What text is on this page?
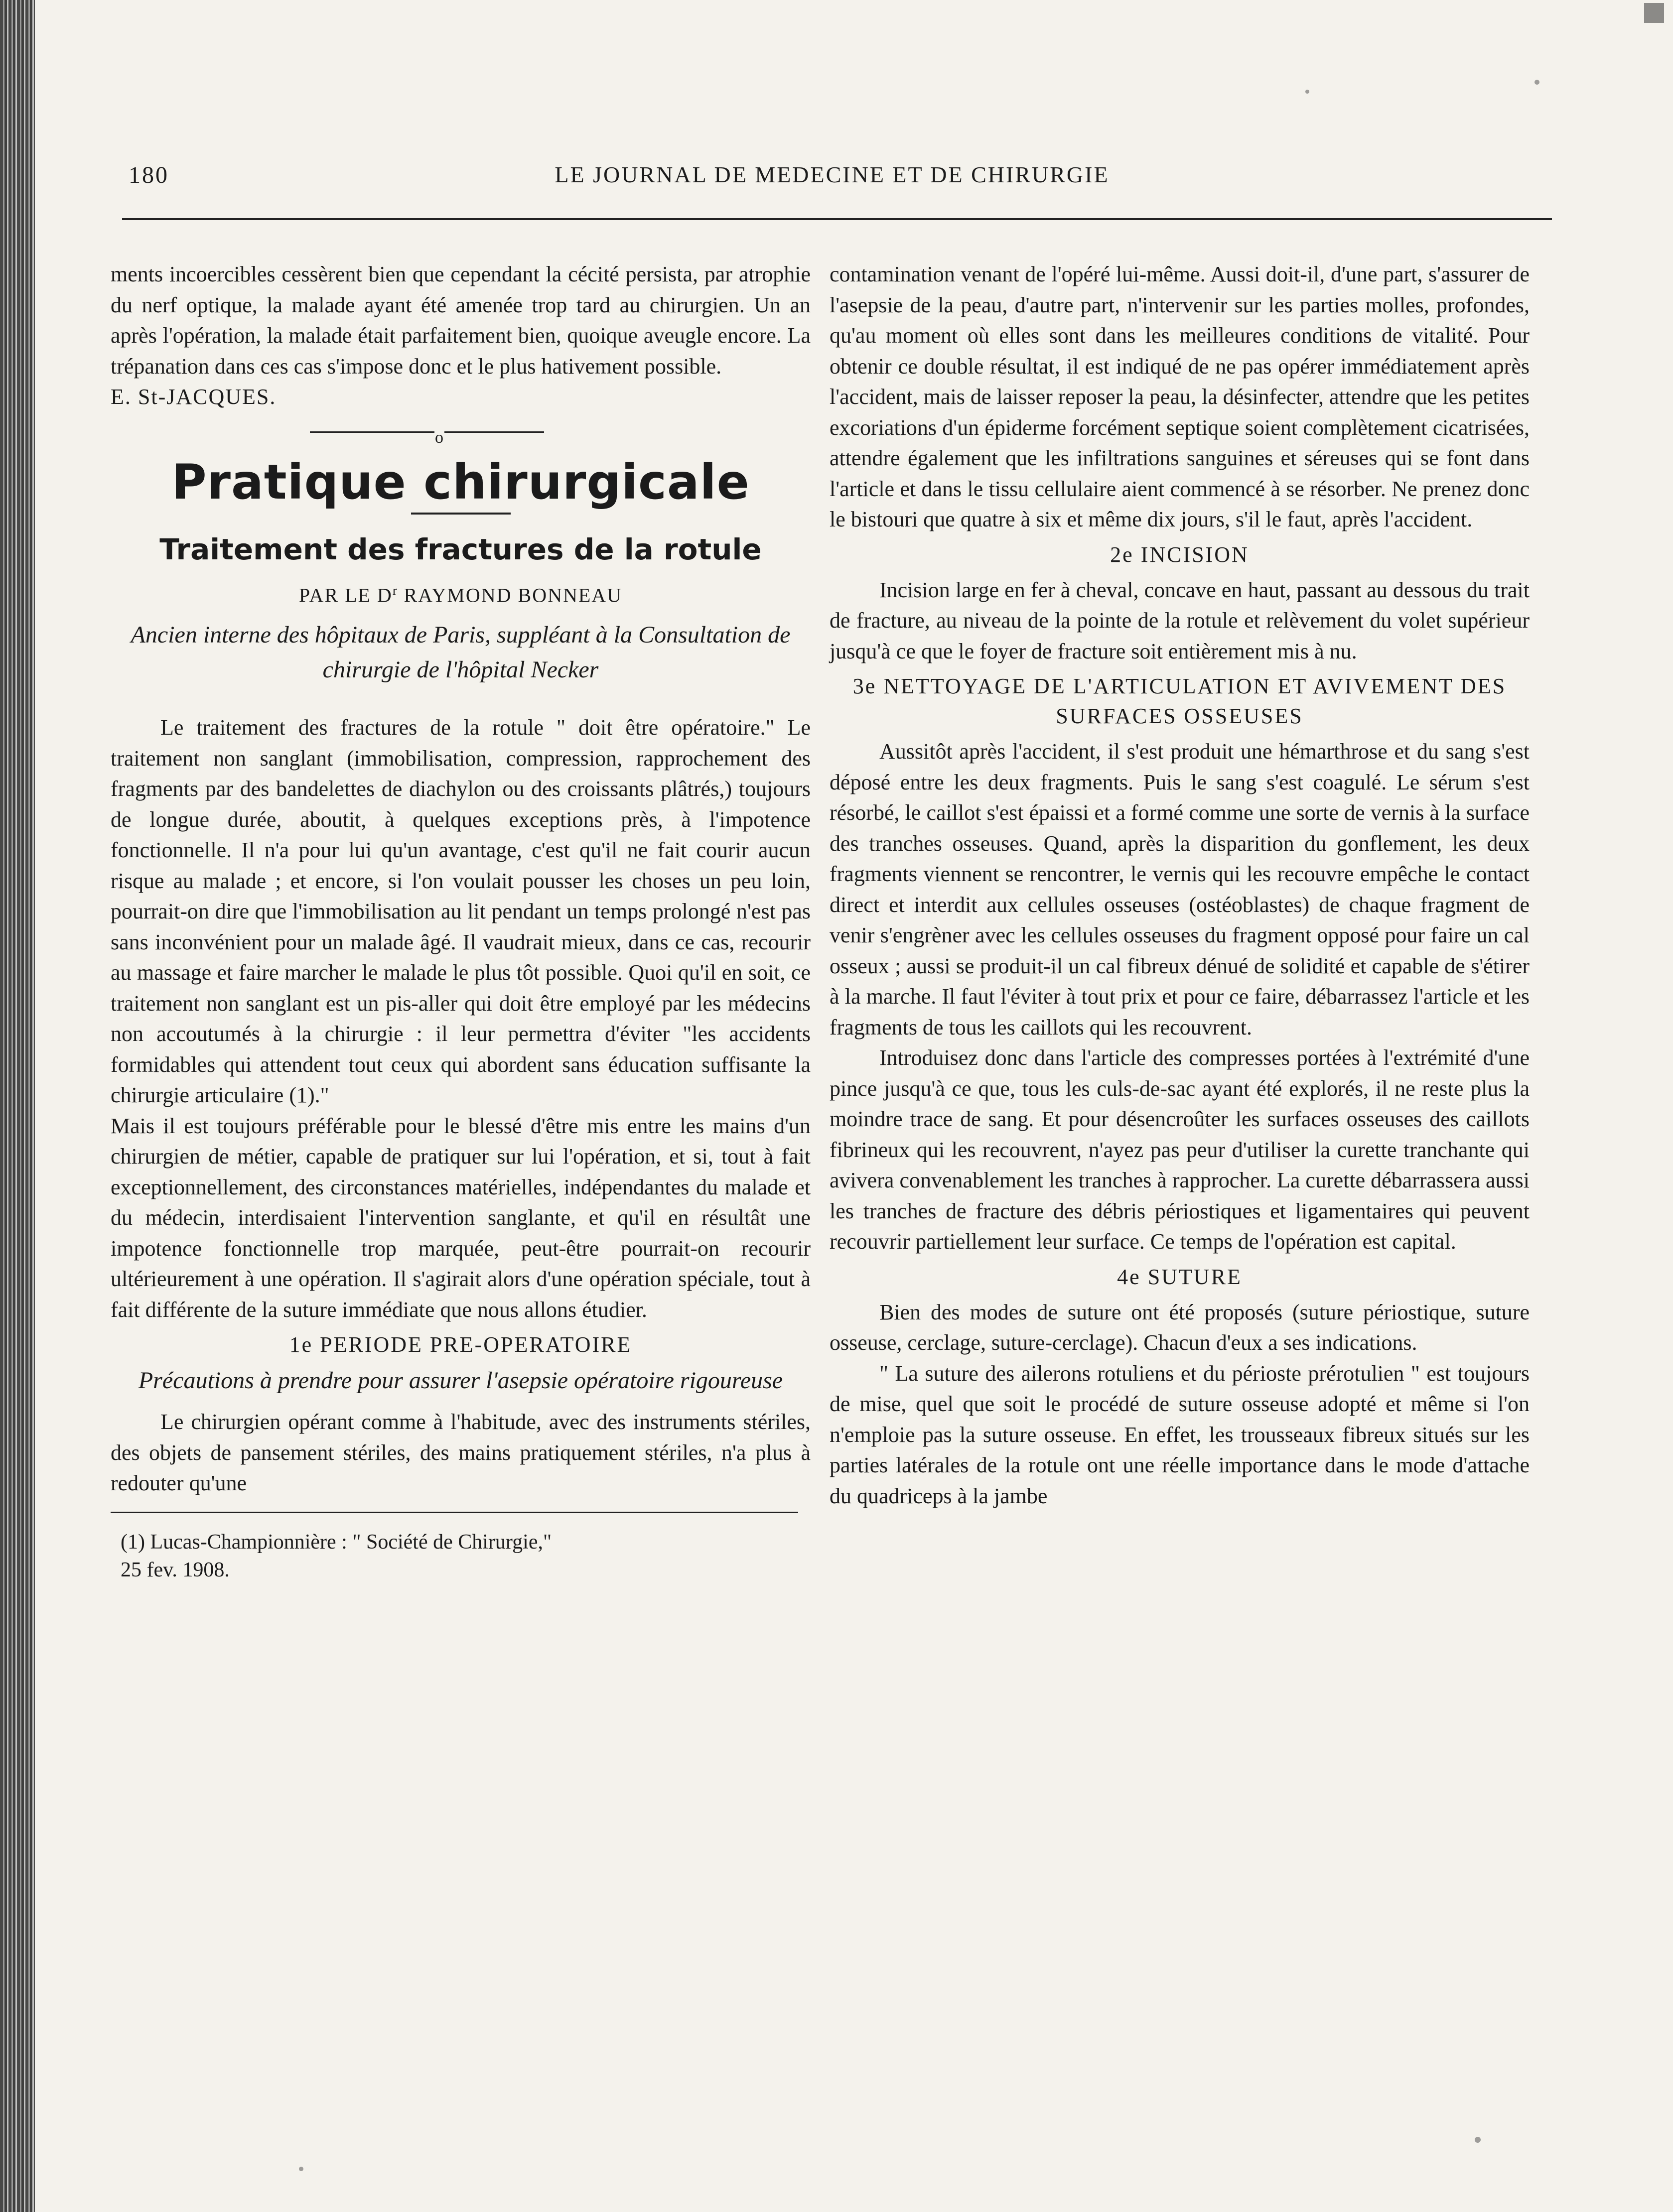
180	LE JOURNAL DE MEDECINE ET DE CHIRURGIE

ments incoercibles cessèrent bien que cependant la cécité persista, par atrophie du nerf optique, la malade ayant été amenée trop tard au chirurgien. Un an après l'opération, la malade était parfaitement bien, quoique aveugle encore. La trépanation dans ces cas s'impose donc et le plus hativement possible.

E. St-JACQUES.

o
Pratique chirurgicale
Traitement des fractures de la rotule
PAR LE $D^r$ RAYMOND BONNEAU
Ancien interne des hôpitaux de Paris, suppléant à la Consultation de chirurgie de l'hôpital Necker

Le traitement des fractures de la rotule " doit être opératoire." Le traitement non sanglant (immobilisation, compression, rapprochement des fragments par des bandelettes de diachylon ou des croissants plâtrés,) toujours de longue durée, aboutit, à quelques exceptions près, à l'impotence fonctionnelle. Il n'a pour lui qu'un avantage, c'est qu'il ne fait courir aucun risque au malade ; et encore, si l'on voulait pousser les choses un peu loin, pourrait-on dire que l'immobilisation au lit pendant un temps prolongé n'est pas sans inconvénient pour un malade âgé. Il vaudrait mieux, dans ce cas, recourir au massage et faire marcher le malade le plus tôt possible. Quoi qu'il en soit, ce traitement non sanglant est un pis-aller qui doit être employé par les médecins non accoutumés à la chirurgie : il leur permettra d'éviter "les accidents formidables qui attendent tout ceux qui abordent sans éducation suffisante la chirurgie articulaire (1)."

Mais il est toujours préférable pour le blessé d'être mis entre les mains d'un chirurgien de métier, capable de pratiquer sur lui l'opération, et si, tout à fait exceptionnellement, des circonstances matérielles, indépendantes du malade et du médecin, interdisaient l'intervention sanglante, et qu'il en résultât une impotence fonctionnelle trop marquée, peut-être pourrait-on recourir ultérieurement à une opération. Il s'agirait alors d'une opération spéciale, tout à fait différente de la suture immédiate que nous allons étudier.

1e PERIODE PRE-OPERATOIRE
Précautions à prendre pour assurer l'asepsie opératoire rigoureuse

Le chirurgien opérant comme à l'habitude, avec des instruments stériles, des objets de pansement stériles, des mains pratiquement stériles, n'a plus à redouter qu'une

(1) Lucas-Championnière : " Société de Chirurgie,"

25 fev. 1908.

contamination venant de l'opéré lui-même. Aussi doit-il, d'une part, s'assurer de l'asepsie de la peau, d'autre part, n'intervenir sur les parties molles, profondes, qu'au moment où elles sont dans les meilleures conditions de vitalité. Pour obtenir ce double résultat, il est indiqué de ne pas opérer immédiatement après l'accident, mais de laisser reposer la peau, la désinfecter, attendre que les petites excoriations d'un épiderme forcément septique soient complètement cicatrisées, attendre également que les infiltrations sanguines et séreuses qui se font dans l'article et dans le tissu cellulaire aient commencé à se résorber. Ne prenez donc le bistouri que quatre à six et même dix jours, s'il le faut, après l'accident.

2e INCISION

Incision large en fer à cheval, concave en haut, passant au dessous du trait de fracture, au niveau de la pointe de la rotule et relèvement du volet supérieur jusqu'à ce que le foyer de fracture soit entièrement mis à nu.

3e NETTOYAGE DE L'ARTICULATION ET AVIVEMENT DES SURFACES OSSEUSES

Aussitôt après l'accident, il s'est produit une hémarthrose et du sang s'est déposé entre les deux fragments. Puis le sang s'est coagulé. Le sérum s'est résorbé, le caillot s'est épaissi et a formé comme une sorte de vernis à la surface des tranches osseuses. Quand, après la disparition du gonflement, les deux fragments viennent se rencontrer, le vernis qui les recouvre empêche le contact direct et interdit aux cellules osseuses (ostéoblastes) de chaque fragment de venir s'engrèner avec les cellules osseuses du fragment opposé pour faire un cal osseux ; aussi se produit-il un cal fibreux dénué de solidité et capable de s'étirer à la marche. Il faut l'éviter à tout prix et pour ce faire, débarrassez l'article et les fragments de tous les caillots qui les recouvrent.

Introduisez donc dans l'article des compresses portées à l'extrémité d'une pince jusqu'à ce que, tous les culs-de-sac ayant été explorés, il ne reste plus la moindre trace de sang. Et pour désencroûter les surfaces osseuses des caillots fibrineux qui les recouvrent, n'ayez pas peur d'utiliser la curette tranchante qui avivera convenablement les tranches à rapprocher. La curette débarrassera aussi les tranches de fracture des débris périostiques et ligamentaires qui peuvent recouvrir partiellement leur surface. Ce temps de l'opération est capital.

4e SUTURE

Bien des modes de suture ont été proposés (suture périostique, suture osseuse, cerclage, suture-cerclage). Chacun d'eux a ses indications.

" La suture des ailerons rotuliens et du périoste prérotulien " est toujours de mise, quel que soit le procédé de suture osseuse adopté et même si l'on n'emploie pas la suture osseuse. En effet, les trousseaux fibreux situés sur les parties latérales de la rotule ont une réelle importance dans le mode d'attache du quadriceps à la jambe
